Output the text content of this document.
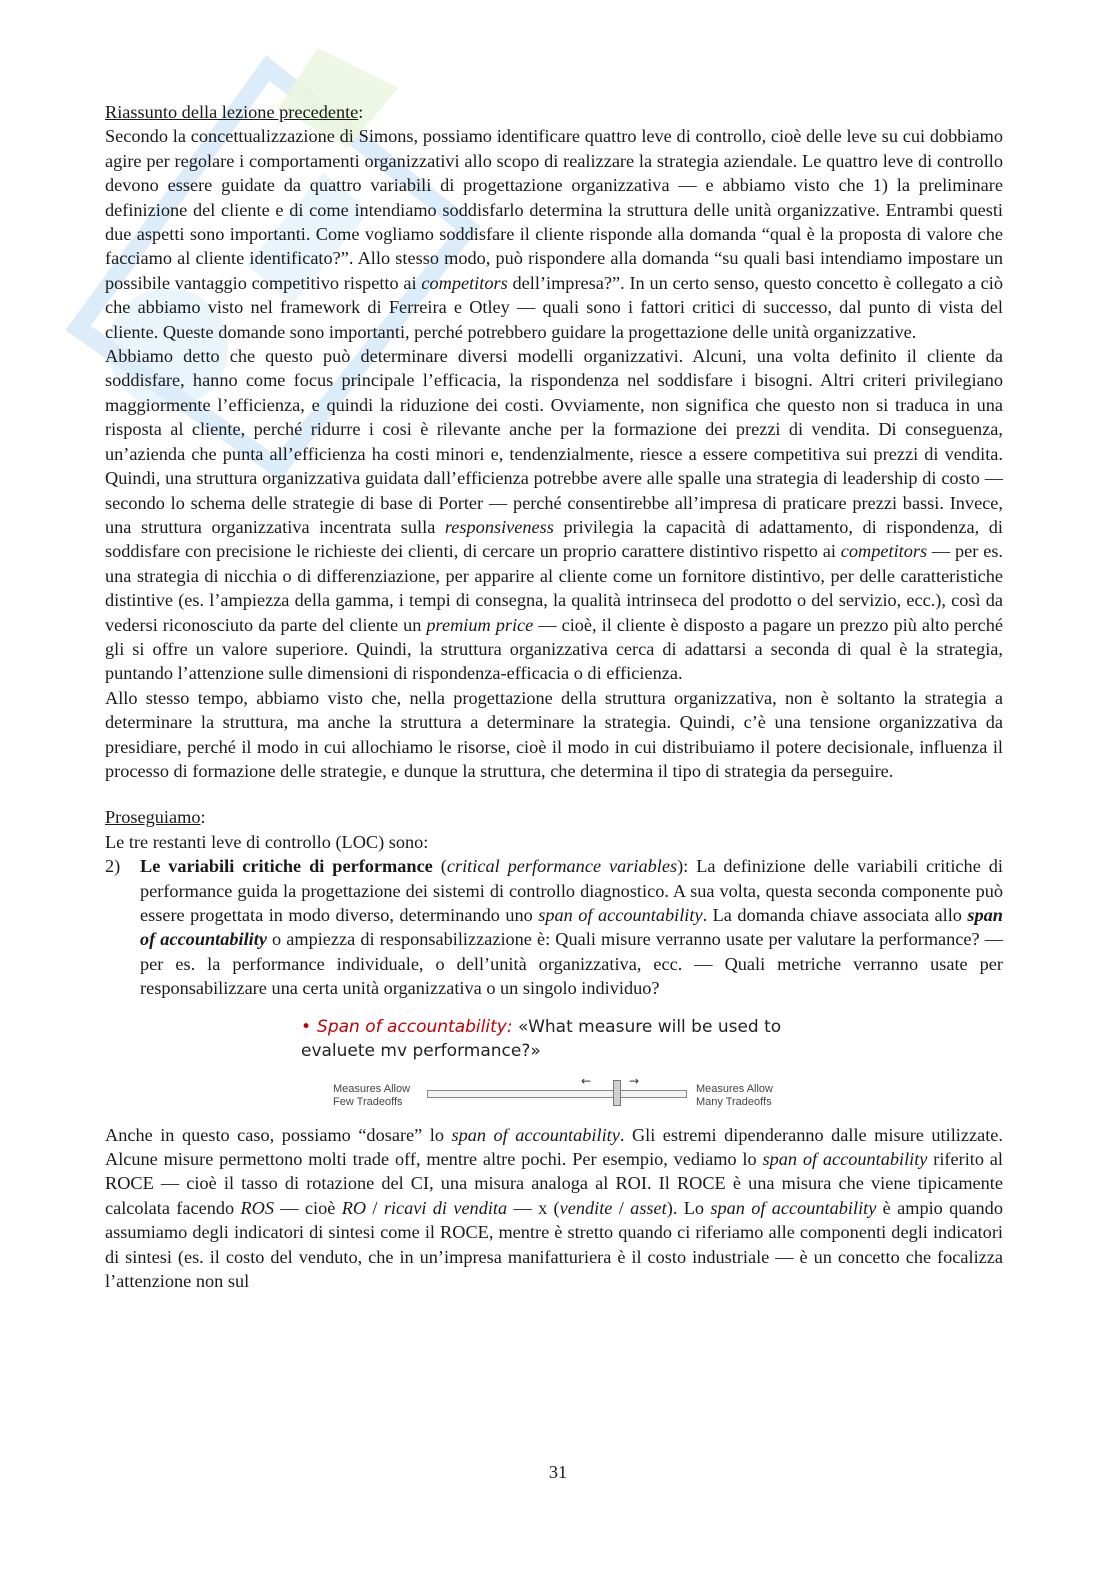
Riassunto della lezione precedente:

Secondo la concettualizzazione di Simons, possiamo identificare quattro leve di controllo, cioè delle leve su cui dobbiamo agire per regolare i comportamenti organizzativi allo scopo di realizzare la strategia aziendale. Le quattro leve di controllo devono essere guidate da quattro variabili di progettazione organizzativa — e abbiamo visto che 1) la preliminare definizione del cliente e di come intendiamo soddisfarlo determina la struttura delle unità organizzative. Entrambi questi due aspetti sono importanti. Come vogliamo soddisfare il cliente risponde alla domanda “qual è la proposta di valore che facciamo al cliente identificato?”. Allo stesso modo, può rispondere alla domanda “su quali basi intendiamo impostare un possibile vantaggio competitivo rispetto ai competitors dell’impresa?”. In un certo senso, questo concetto è collegato a ciò che abbiamo visto nel framework di Ferreira e Otley — quali sono i fattori critici di successo, dal punto di vista del cliente. Queste domande sono importanti, perché potrebbero guidare la progettazione delle unità organizzative.

Abbiamo detto che questo può determinare diversi modelli organizzativi. Alcuni, una volta definito il cliente da soddisfare, hanno come focus principale l’efficacia, la rispondenza nel soddisfare i bisogni. Altri criteri privilegiano maggiormente l’efficienza, e quindi la riduzione dei costi. Ovviamente, non significa che questo non si traduca in una risposta al cliente, perché ridurre i cosi è rilevante anche per la formazione dei prezzi di vendita. Di conseguenza, un’azienda che punta all’efficienza ha costi minori e, tendenzialmente, riesce a essere competitiva sui prezzi di vendita. Quindi, una struttura organizzativa guidata dall’efficienza potrebbe avere alle spalle una strategia di leadership di costo — secondo lo schema delle strategie di base di Porter — perché consentirebbe all’impresa di praticare prezzi bassi. Invece, una struttura organizzativa incentrata sulla responsiveness privilegia la capacità di adattamento, di rispondenza, di soddisfare con precisione le richieste dei clienti, di cercare un proprio carattere distintivo rispetto ai competitors — per es. una strategia di nicchia o di differenziazione, per apparire al cliente come un fornitore distintivo, per delle caratteristiche distintive (es. l’ampiezza della gamma, i tempi di consegna, la qualità intrinseca del prodotto o del servizio, ecc.), così da vedersi riconosciuto da parte del cliente un premium price — cioè, il cliente è disposto a pagare un prezzo più alto perché gli si offre un valore superiore. Quindi, la struttura organizzativa cerca di adattarsi a seconda di qual è la strategia, puntando l’attenzione sulle dimensioni di rispondenza-efficacia o di efficienza.

Allo stesso tempo, abbiamo visto che, nella progettazione della struttura organizzativa, non è soltanto la strategia a determinare la struttura, ma anche la struttura a determinare la strategia. Quindi, c’è una tensione organizzativa da presidiare, perché il modo in cui allochiamo le risorse, cioè il modo in cui distribuiamo il potere decisionale, influenza il processo di formazione delle strategie, e dunque la struttura, che determina il tipo di strategia da perseguire.

Proseguiamo:

Le tre restanti leve di controllo (LOC) sono:

2)	Le variabili critiche di performance (critical performance variables): La definizione delle variabili critiche di performance guida la progettazione dei sistemi di controllo diagnostico. A sua volta, questa seconda componente può essere progettata in modo diverso, determinando uno span of accountability. La domanda chiave associata allo span of accountability o ampiezza di responsabilizzazione è: Quali misure verranno usate per valutare la performance? — per es. la performance individuale, o dell’unità organizzativa, ecc. — Quali metriche verranno usate per responsabilizzare una certa unità organizzativa o un singolo individuo?
• Span of accountability: «What measure will be used to evaluete mv performance?»
Measures Allow
Few Tradeoffs
←	→
Measures Allow
Many Tradeoffs

Anche in questo caso, possiamo “dosare” lo span of accountability. Gli estremi dipenderanno dalle misure utilizzate. Alcune misure permettono molti trade off, mentre altre pochi. Per esempio, vediamo lo span of accountability riferito al ROCE — cioè il tasso di rotazione del CI, una misura analoga al ROI. Il ROCE è una misura che viene tipicamente calcolata facendo ROS — cioè RO / ricavi di vendita — x (vendite / asset). Lo span of accountability è ampio quando assumiamo degli indicatori di sintesi come il ROCE, mentre è stretto quando ci riferiamo alle componenti degli indicatori di sintesi (es. il costo del venduto, che in un’impresa manifatturiera è il costo industriale — è un concetto che focalizza l’attenzione non sul

31
